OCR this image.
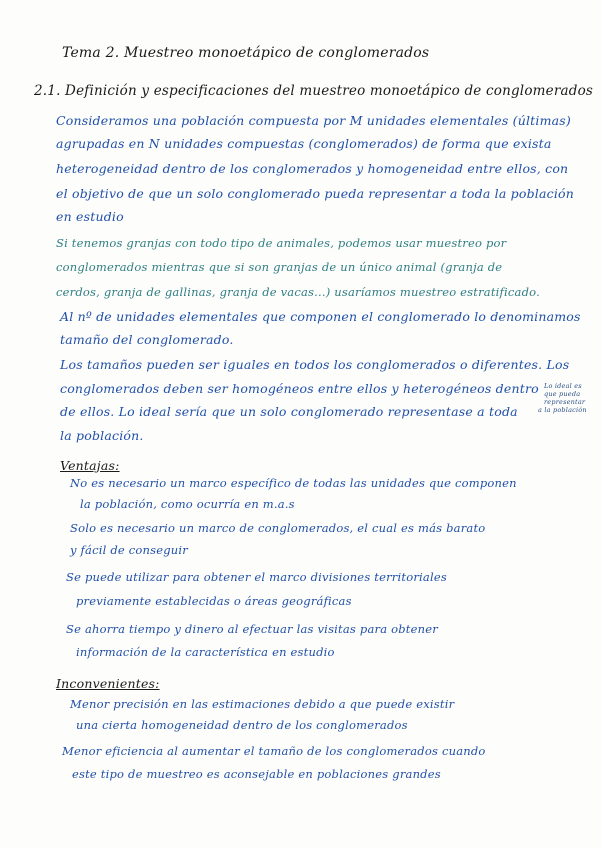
Tema 2. Muestreo monoetápico de conglomerados
2.1. Definición y especificaciones del muestreo monoetápico de conglomerados
Consideramos una población compuesta por M unidades elementales (últimas)
agrupadas en N unidades compuestas (conglomerados) de forma que exista
heterogeneidad dentro de los conglomerados y homogeneidad entre ellos, con
el objetivo de que un solo conglomerado pueda representar a toda la población
en estudio
Si tenemos granjas con todo tipo de animales, podemos usar muestreo por
conglomerados mientras que si son granjas de un único animal (granja de
cerdos, granja de gallinas, granja de vacas...) usaríamos muestreo estratificado.
Al nº de unidades elementales que componen el conglomerado lo denominamos
tamaño del conglomerado.
Los tamaños pueden ser iguales en todos los conglomerados o diferentes. Los
conglomerados deben ser homogéneos entre ellos y heterogéneos dentro
de ellos. Lo ideal sería que un solo conglomerado representase a toda
la población.
Lo ideal es
que pueda
representar
a la población
Ventajas:
No es necesario un marco específico de todas las unidades que componen
la población, como ocurría en m.a.s
Solo es necesario un marco de conglomerados, el cual es más barato
y fácil de conseguir
Se puede utilizar para obtener el marco divisiones territoriales
previamente establecidas o áreas geográficas
Se ahorra tiempo y dinero al efectuar las visitas para obtener
información de la característica en estudio
Inconvenientes:
Menor precisión en las estimaciones debido a que puede existir
una cierta homogeneidad dentro de los conglomerados
Menor eficiencia al aumentar el tamaño de los conglomerados cuando
este tipo de muestreo es aconsejable en poblaciones grandes
